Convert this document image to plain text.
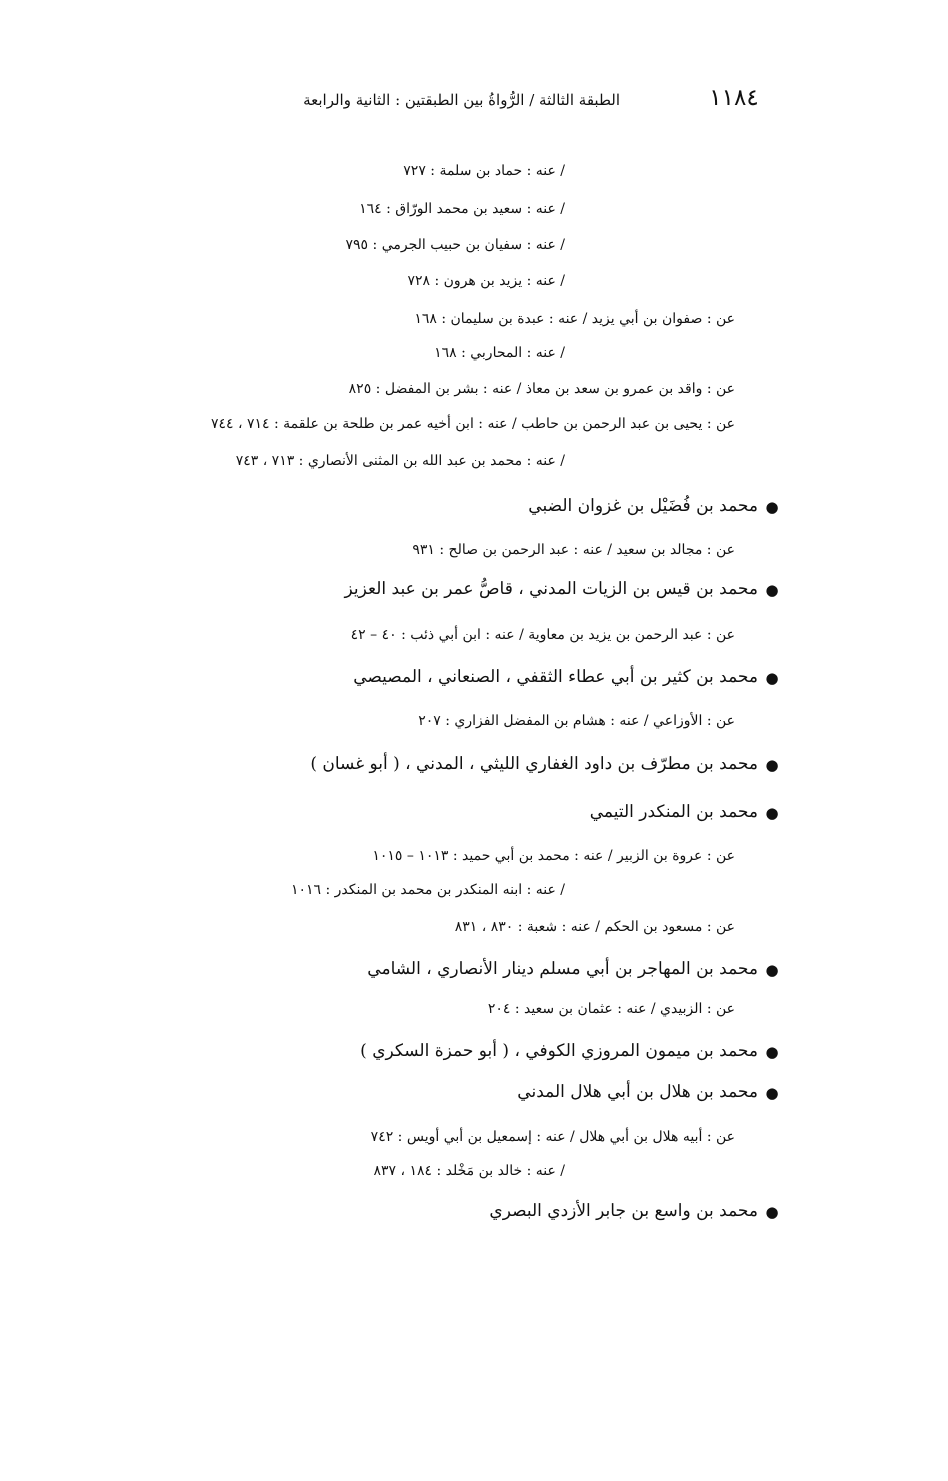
١١٨٤
الطبقة الثالثة / الرُّواةُ بين الطبقتين : الثانية والرابعة
/ عنه : حماد بن سلمة : ٧٢٧
/ عنه : سعيد بن محمد الورّاق : ١٦٤
/ عنه : سفيان بن حبيب الجرمي : ٧٩٥
/ عنه : يزيد بن هرون : ٧٢٨
عن : صفوان بن أبي يزيد / عنه : عبدة بن سليمان : ١٦٨
/ عنه : المحاربي : ١٦٨
عن : واقد بن عمرو بن سعد بن معاذ / عنه : بشر بن المفضل : ٨٢٥
عن : يحيى بن عبد الرحمن بن حاطب / عنه : ابن أخيه عمر بن طلحة بن علقمة : ٧١٤ ، ٧٤٤
/ عنه : محمد بن عبد الله بن المثنى الأنصاري : ٧١٣ ، ٧٤٣
محمد بن فُضَيْل بن غزوان الضبي ●
عن : مجالد بن سعيد / عنه : عبد الرحمن بن صالح : ٩٣١
محمد بن قيس بن الزيات المدني ، قاصُّ عمر بن عبد العزيز ●
عن : عبد الرحمن بن يزيد بن معاوية / عنه : ابن أبي ذئب : ٤٠ – ٤٢
محمد بن كثير بن أبي عطاء الثقفي ، الصنعاني ، المصيصي ●
عن : الأوزاعي / عنه : هشام بن المفضل الفزاري : ٢٠٧
محمد بن مطرّف بن داود الغفاري الليثي ، المدني ، ( أبو غسان ) ●
محمد بن المنكدر التيمي ●
عن : عروة بن الزبير / عنه : محمد بن أبي حميد : ١٠١٣ – ١٠١٥
/ عنه : ابنه المنكدر بن محمد بن المنكدر : ١٠١٦
عن : مسعود بن الحكم / عنه : شعبة : ٨٣٠ ، ٨٣١
محمد بن المهاجر بن أبي مسلم دينار الأنصاري ، الشامي ●
عن : الزبيدي / عنه : عثمان بن سعيد : ٢٠٤
محمد بن ميمون المروزي الكوفي ، ( أبو حمزة السكري ) ●
محمد بن هلال بن أبي هلال المدني ●
عن : أبيه هلال بن أبي هلال / عنه : إسمعيل بن أبي أويس : ٧٤٢
/ عنه : خالد بن مَخْلد : ١٨٤ ، ٨٣٧
محمد بن واسع بن جابر الأزدي البصري ●
